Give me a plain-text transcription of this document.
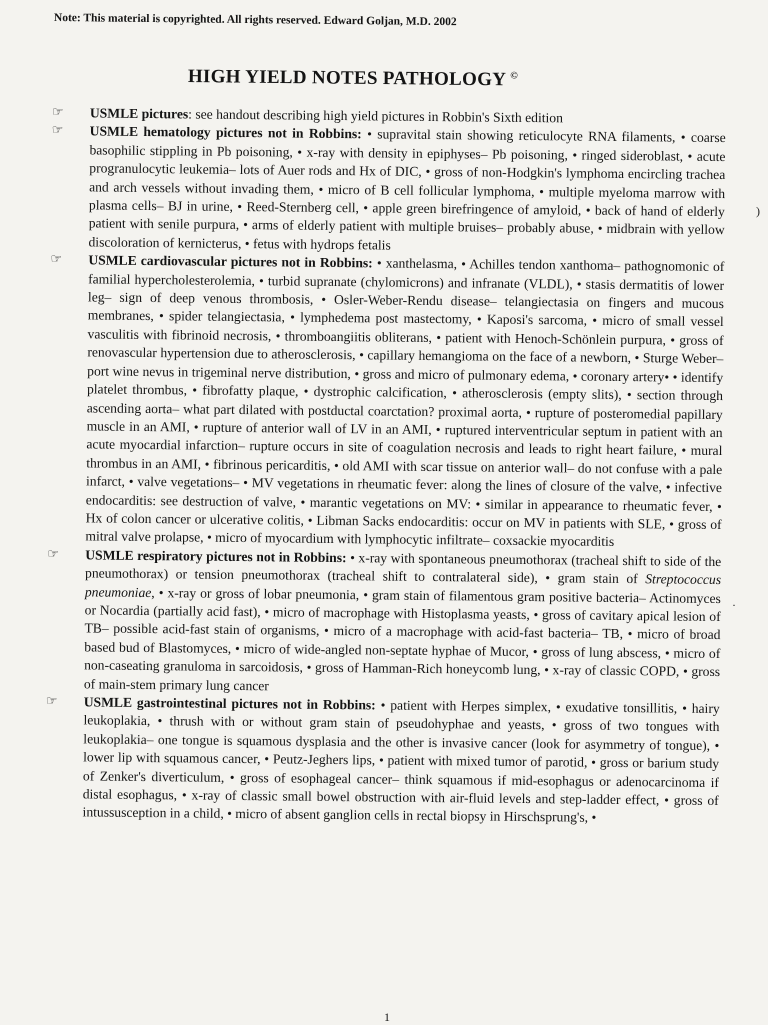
Note: This material is copyrighted. All rights reserved. Edward Goljan, M.D. 2002
HIGH YIELD NOTES PATHOLOGY ©
☞ USMLE pictures: see handout describing high yield pictures in Robbin's Sixth edition
☞ USMLE hematology pictures not in Robbins: • supravital stain showing reticulocyte RNA filaments, • coarse basophilic stippling in Pb poisoning, • x-ray with density in epiphyses– Pb poisoning, • ringed sideroblast, • acute progranulocytic leukemia– lots of Auer rods and Hx of DIC, • gross of non-Hodgkin's lymphoma encircling trachea and arch vessels without invading them, • micro of B cell follicular lymphoma, • multiple myeloma marrow with plasma cells– BJ in urine, • Reed-Sternberg cell, • apple green birefringence of amyloid, • back of hand of elderly patient with senile purpura, • arms of elderly patient with multiple bruises– probably abuse, • midbrain with yellow discoloration of kernicterus, • fetus with hydrops fetalis
☞ USMLE cardiovascular pictures not in Robbins: • xanthelasma, • Achilles tendon xanthoma– pathognomonic of familial hypercholesterolemia, • turbid supranate (chylomicrons) and infranate (VLDL), • stasis dermatitis of lower leg– sign of deep venous thrombosis, • Osler-Weber-Rendu disease– telangiectasia on fingers and mucous membranes, • spider telangiectasia, • lymphedema post mastectomy, • Kaposi's sarcoma, • micro of small vessel vasculitis with fibrinoid necrosis, • thromboangiitis obliterans, • patient with Henoch-Schönlein purpura, • gross of renovascular hypertension due to atherosclerosis, • capillary hemangioma on the face of a newborn, • Sturge Weber– port wine nevus in trigeminal nerve distribution, • gross and micro of pulmonary edema, • coronary artery• • identify platelet thrombus, • fibrofatty plaque, • dystrophic calcification, • atherosclerosis (empty slits), • section through ascending aorta– what part dilated with postductal coarctation? proximal aorta, • rupture of posteromedial papillary muscle in an AMI, • rupture of anterior wall of LV in an AMI, • ruptured interventricular septum in patient with an acute myocardial infarction– rupture occurs in site of coagulation necrosis and leads to right heart failure, • mural thrombus in an AMI, • fibrinous pericarditis, • old AMI with scar tissue on anterior wall– do not confuse with a pale infarct, • valve vegetations– • MV vegetations in rheumatic fever: along the lines of closure of the valve, • infective endocarditis: see destruction of valve, • marantic vegetations on MV: • similar in appearance to rheumatic fever, • Hx of colon cancer or ulcerative colitis, • Libman Sacks endocarditis: occur on MV in patients with SLE, • gross of mitral valve prolapse, • micro of myocardium with lymphocytic infiltrate– coxsackie myocarditis
☞ USMLE respiratory pictures not in Robbins: • x-ray with spontaneous pneumothorax (tracheal shift to side of the pneumothorax) or tension pneumothorax (tracheal shift to contralateral side), • gram stain of Streptococcus pneumoniae, • x-ray or gross of lobar pneumonia, • gram stain of filamentous gram positive bacteria– Actinomyces or Nocardia (partially acid fast), • micro of macrophage with Histoplasma yeasts, • gross of cavitary apical lesion of TB– possible acid-fast stain of organisms, • micro of a macrophage with acid-fast bacteria– TB, • micro of broad based bud of Blastomyces, • micro of wide-angled non-septate hyphae of Mucor, • gross of lung abscess, • micro of non-caseating granuloma in sarcoidosis, • gross of Hamman-Rich honeycomb lung, • x-ray of classic COPD, • gross of main-stem primary lung cancer
☞ USMLE gastrointestinal pictures not in Robbins: • patient with Herpes simplex, • exudative tonsillitis, • hairy leukoplakia, • thrush with or without gram stain of pseudohyphae and yeasts, • gross of two tongues with leukoplakia– one tongue is squamous dysplasia and the other is invasive cancer (look for asymmetry of tongue), • lower lip with squamous cancer, • Peutz-Jeghers lips, • patient with mixed tumor of parotid, • gross or barium study of Zenker's diverticulum, • gross of esophageal cancer– think squamous if mid-esophagus or adenocarcinoma if distal esophagus, • x-ray of classic small bowel obstruction with air-fluid levels and step-ladder effect, • gross of intussusception in a child, • micro of absent ganglion cells in rectal biopsy in Hirschsprung's, •
)
·
1
